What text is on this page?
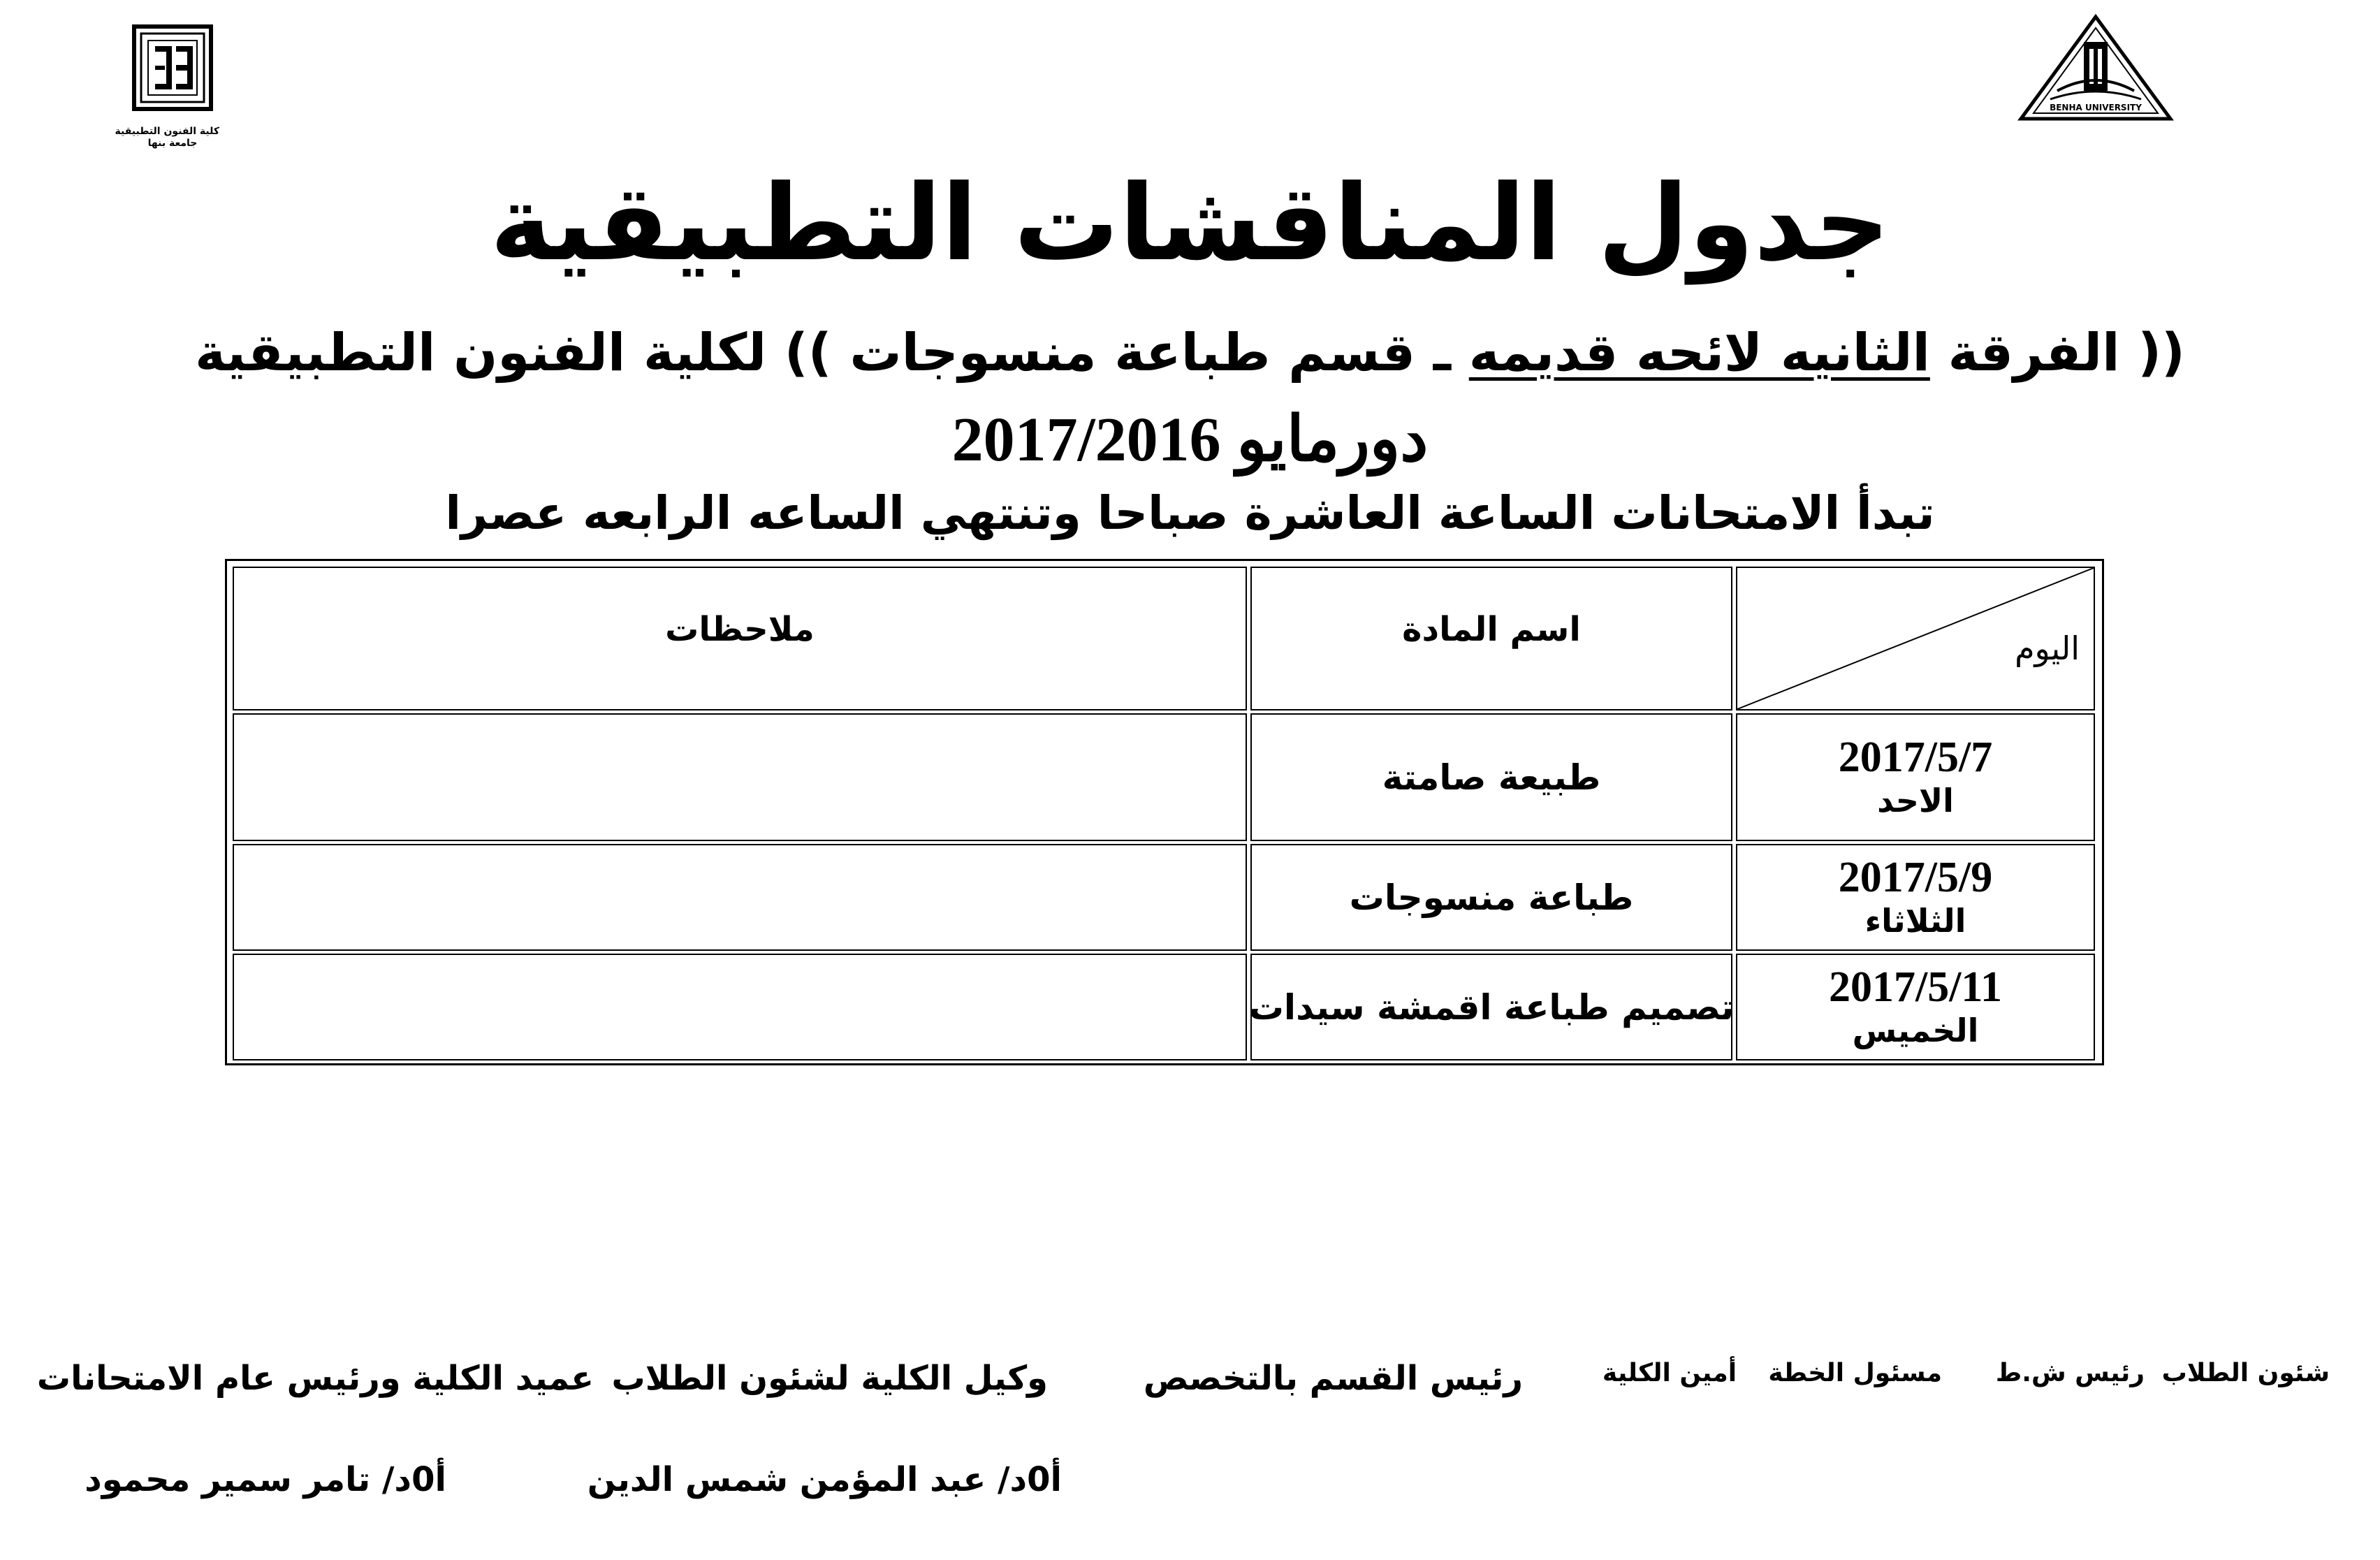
كلية الفنون التطبيقية
جامعة بنها
BENHA UNIVERSITY
جدول المناقشات التطبيقية
(( الفرقة الثانيه لائحه قديمه ـ قسم طباعة منسوجات )) لكلية الفنون التطبيقية
دورمايو 2017/2016
تبدأ الامتحانات الساعة العاشرة صباحا وتنتهي الساعه الرابعه عصرا
اليوم
اسم المادة
ملاحظات
2017/5/7
الاحد
طبيعة صامتة
2017/5/9
الثلاثاء
طباعة منسوجات
2017/5/11
الخميس
تصميم طباعة اقمشة سيدات
شئون الطلاب
رئيس ش.ط
مسئول الخطة
أمين الكلية
رئيس القسم بالتخصص
وكيل الكلية لشئون الطلاب
عميد الكلية ورئيس عام الامتحانات
أ0د/ عبد المؤمن شمس الدين
أ0د/ تامر سمير محمود
